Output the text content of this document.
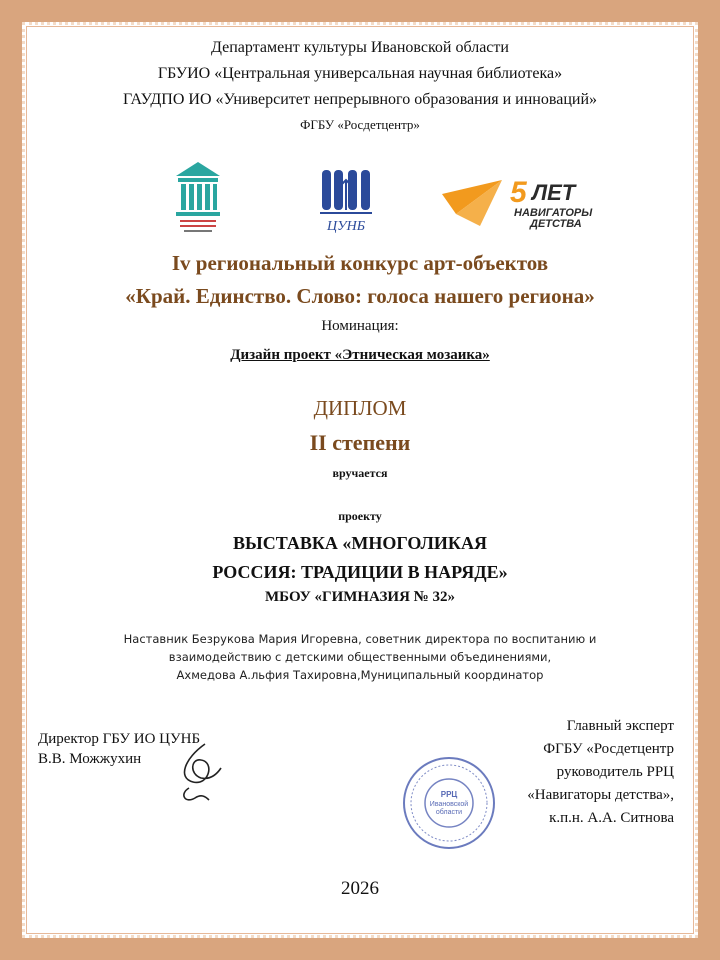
Департамент культуры Ивановской области
ГБУИО «Центральная универсальная научная библиотека»
ГАУДПО ИО «Университет непрерывного образования и инноваций»
ФГБУ «Росдетцентр»
ЦУНБ
5 ЛЕТ
НАВИГАТОРЫ
ДЕТСТВА
Iv региональный конкурс арт-объектов
«Край. Единство. Слово: голоса нашего региона»
Номинация:
Дизайн проект «Этническая мозаика»
ДИПЛОМ
II степени
вручается
проекту
ВЫСТАВКА «МНОГОЛИКАЯ
РОССИЯ: ТРАДИЦИИ В НАРЯДЕ»
МБОУ «ГИМНАЗИЯ № 32»
Наставник Безрукова Мария Игоревна, советник директора по воспитанию и
взаимодействию с детскими общественными объединениями,
Ахмедова А.льфия Тахировна,Муниципальный координатор
Директор ГБУ ИО ЦУНБ
В.В. Можжухин
РРЦ
Ивановской
области
Главный эксперт
ФГБУ «Росдетцентр
руководитель РРЦ
«Навигаторы детства»,
к.п.н. А.А. Ситнова
2026
